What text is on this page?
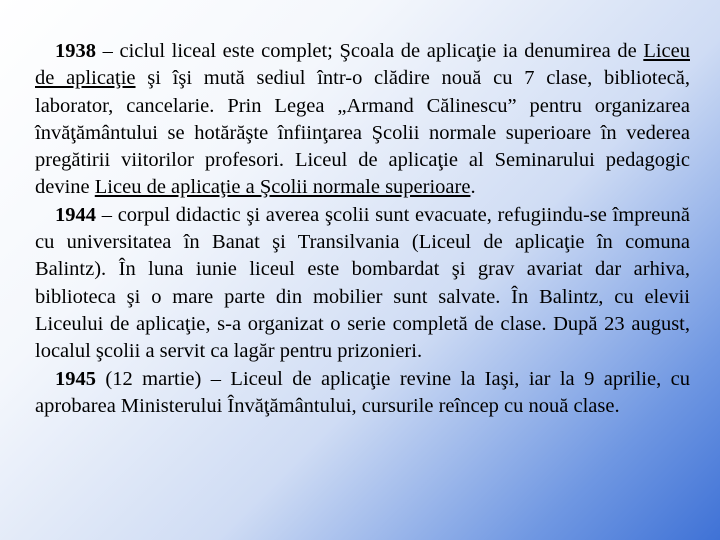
1938 – ciclul liceal este complet; Şcoala de aplicaţie ia denumirea de Liceu de aplicaţie şi îşi mută sediul într-o clădire nouă cu 7 clase, bibliotecă, laborator, cancelarie. Prin Legea „Armand Călinescu” pentru organizarea învăţământului se hotărăşte înfiinţarea Şcolii normale superioare în vederea pregătirii viitorilor profesori. Liceul de aplicaţie al Seminarului pedagogic devine Liceu de aplicaţie a Şcolii normale superioare.

1944 – corpul didactic şi averea şcolii sunt evacuate, refugiindu-se împreună cu universitatea în Banat şi Transilvania (Liceul de aplicaţie în comuna Balintz). În luna iunie liceul este bombardat şi grav avariat dar arhiva, biblioteca şi o mare parte din mobilier sunt salvate. În Balintz, cu elevii Liceului de aplicaţie, s-a organizat o serie completă de clase. După 23 august, localul şcolii a servit ca lagăr pentru prizonieri.

1945 (12 martie) – Liceul de aplicaţie revine la Iaşi, iar la 9 aprilie, cu aprobarea Ministerului Învăţământului, cursurile reîncep cu nouă clase.
